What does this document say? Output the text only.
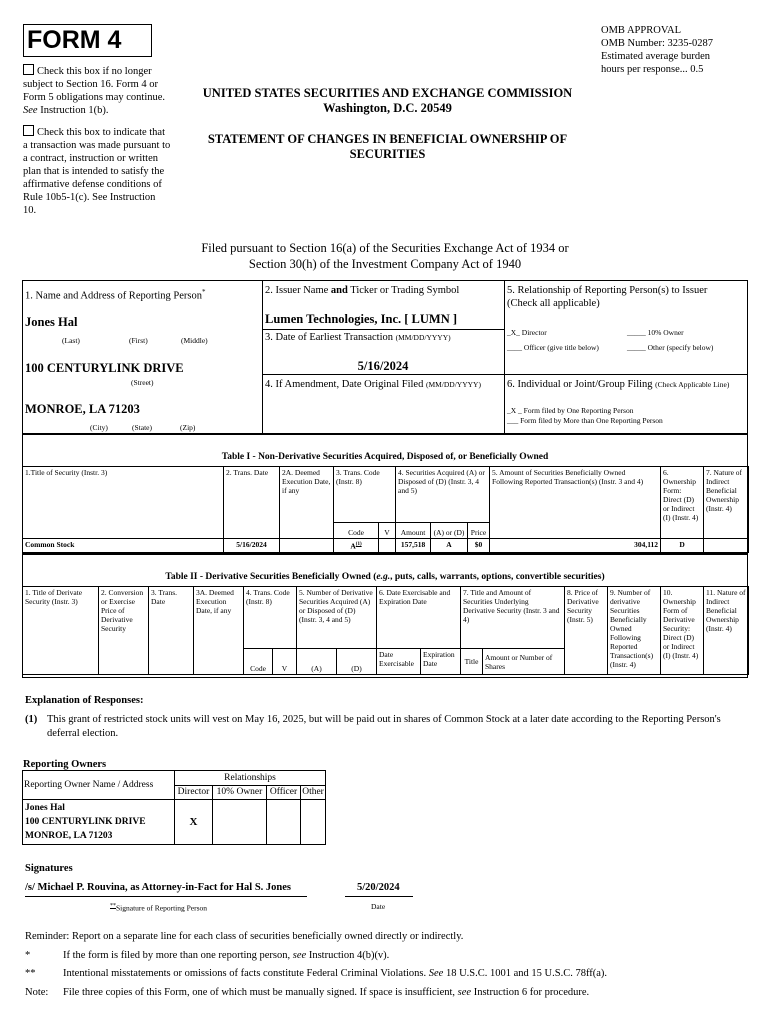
FORM 4
Check this box if no longer subject to Section 16. Form 4 or Form 5 obligations may continue. See Instruction 1(b).
Check this box to indicate that a transaction was made pursuant to a contract, instruction or written plan that is intended to satisfy the affirmative defense conditions of Rule 10b5-1(c). See Instruction 10.
OMB APPROVAL
OMB Number: 3235-0287
Estimated average burden
hours per response... 0.5
UNITED STATES SECURITIES AND EXCHANGE COMMISSION
Washington, D.C. 20549
STATEMENT OF CHANGES IN BENEFICIAL OWNERSHIP OF
SECURITIES
Filed pursuant to Section 16(a) of the Securities Exchange Act of 1934 or
Section 30(h) of the Investment Company Act of 1940
1. Name and Address of Reporting Person*
Jones Hal
(Last)	(First)	(Middle)
100 CENTURYLINK DRIVE
(Street)
MONROE, LA 71203
(City)	(State)	(Zip)
2. Issuer Name and Ticker or Trading Symbol
Lumen Technologies, Inc. [ LUMN ]
3. Date of Earliest Transaction (MM/DD/YYYY)
5/16/2024
4. If Amendment, Date Original Filed (MM/DD/YYYY)
5. Relationship of Reporting Person(s) to Issuer
(Check all applicable)
_X_ Director	_____ 10% Owner
____ Officer (give title below)	_____ Other (specify below)
6. Individual or Joint/Group Filing (Check Applicable Line)
_X _ Form filed by One Reporting Person
___ Form filed by More than One Reporting Person
Table I - Non-Derivative Securities Acquired, Disposed of, or Beneficially Owned
1.Title of Security (Instr. 3)	2. Trans. Date	2A. Deemed Execution Date, if any	3. Trans. Code (Instr. 8)		4. Securities Acquired (A) or Disposed of (D) (Instr. 3, 4 and 5)			5. Amount of Securities Beneficially Owned Following Reported Transaction(s) (Instr. 3 and 4)	6. Ownership Form: Direct (D) or Indirect (I) (Instr. 4)	7. Nature of Indirect Beneficial Ownership (Instr. 4)
			Code	V	Amount	(A) or (D)	Price			
Common Stock	5/16/2024		$A^{(1)}$		157,518	A	$0	304,112	D	
Table II - Derivative Securities Beneficially Owned (e.g., puts, calls, warrants, options, convertible securities)
1. Title of Derivate Security (Instr. 3)	2. Conversion or Exercise Price of Derivative Security	3. Trans. Date	3A. Deemed Execution Date, if any	4. Trans. Code (Instr. 8)		5. Number of Derivative Securities Acquired (A) or Disposed of (D) (Instr. 3, 4 and 5)		6. Date Exercisable and Expiration Date		7. Title and Amount of Securities Underlying Derivative Security (Instr. 3 and 4)		8. Price of Derivative Security (Instr. 5)	9. Number of derivative Securities Beneficially Owned Following Reported Transaction(s) (Instr. 4)	10. Ownership Form of Derivative Security: Direct (D) or Indirect (I) (Instr. 4)	11. Nature of Indirect Beneficial Ownership (Instr. 4)
				Code	V	(A)	(D)	Date Exercisable	Expiration Date	Title	Amount or Number of Shares				
Explanation of Responses:
(1) This grant of restricted stock units will vest on May 16, 2025, but will be paid out in shares of Common Stock at a later date according to the Reporting Person's deferral election.
Reporting Owners
Reporting Owner Name / Address	Relationships			
	Director	10% Owner	Officer	Other

Jones Hal
100 CENTURYLINK DRIVE
MONROE, LA 71203	X			
Signatures
/s/ Michael P. Rouvina, as Attorney-in-Fact for Hal S. Jones	5/20/2024
**Signature of Reporting Person	Date
Reminder: Report on a separate line for each class of securities beneficially owned directly or indirectly.
*	If the form is filed by more than one reporting person, see Instruction 4(b)(v).
**	Intentional misstatements or omissions of facts constitute Federal Criminal Violations. See 18 U.S.C. 1001 and 15 U.S.C. 78ff(a).
Note: File three copies of this Form, one of which must be manually signed. If space is insufficient, see Instruction 6 for procedure.
